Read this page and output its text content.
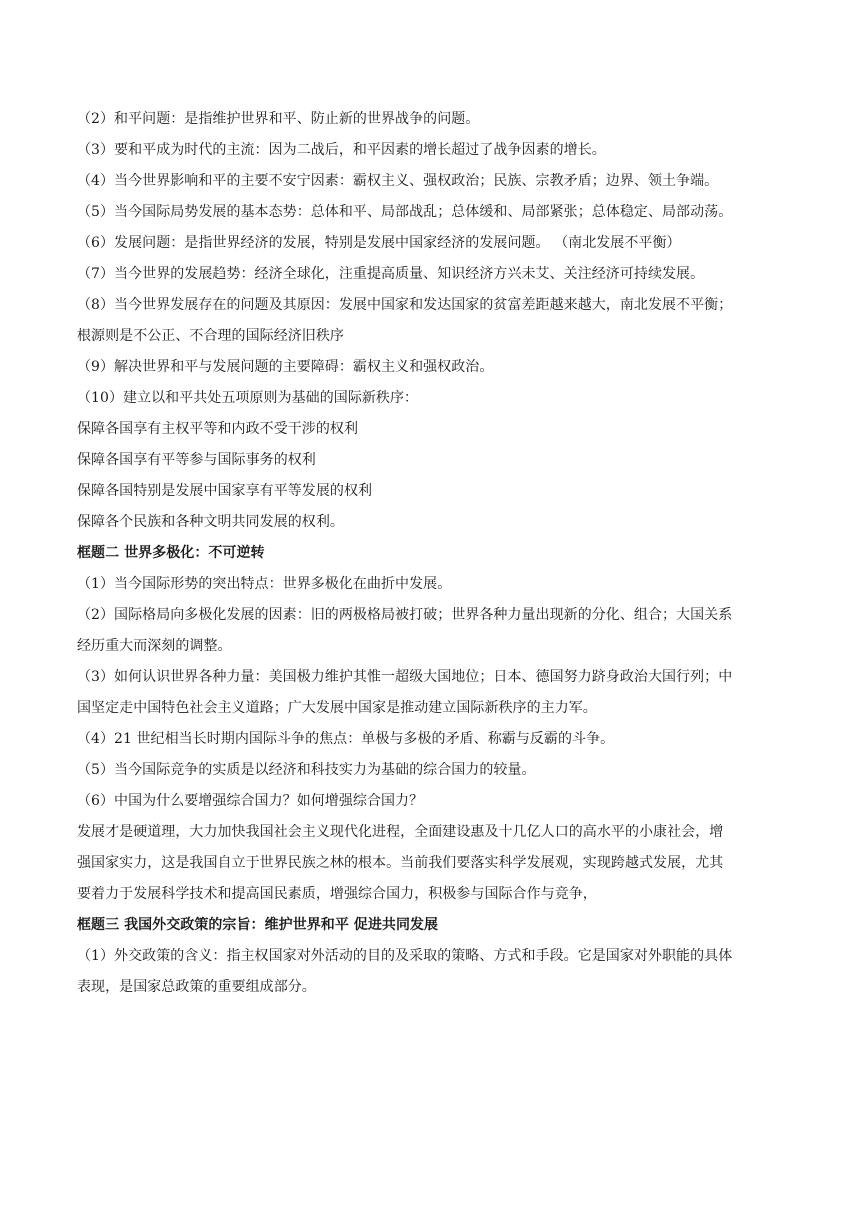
（2）和平问题：是指维护世界和平、防止新的世界战争的问题。
（3）要和平成为时代的主流：因为二战后，和平因素的增长超过了战争因素的增长。
（4）当今世界影响和平的主要不安宁因素：霸权主义、强权政治；民族、宗教矛盾；边界、领土争端。
（5）当今国际局势发展的基本态势：总体和平、局部战乱；总体缓和、局部紧张；总体稳定、局部动荡。
（6）发展问题：是指世界经济的发展，特别是发展中国家经济的发展问题。 （南北发展不平衡）
（7）当今世界的发展趋势：经济全球化，注重提高质量、知识经济方兴未艾、关注经济可持续发展。
（8）当今世界发展存在的问题及其原因：发展中国家和发达国家的贫富差距越来越大，南北发展不平衡；
根源则是不公正、不合理的国际经济旧秩序
（9）解决世界和平与发展问题的主要障碍：霸权主义和强权政治。
（10）建立以和平共处五项原则为基础的国际新秩序：
保障各国享有主权平等和内政不受干涉的权利
保障各国享有平等参与国际事务的权利
保障各国特别是发展中国家享有平等发展的权利
保障各个民族和各种文明共同发展的权利。
框题二 世界多极化：不可逆转
（1）当今国际形势的突出特点：世界多极化在曲折中发展。
（2）国际格局向多极化发展的因素：旧的两极格局被打破；世界各种力量出现新的分化、组合；大国关系
经历重大而深刻的调整。
（3）如何认识世界各种力量：美国极力维护其惟一超级大国地位；日本、德国努力跻身政治大国行列；中
国坚定走中国特色社会主义道路；广大发展中国家是推动建立国际新秩序的主力军。
（4）21 世纪相当长时期内国际斗争的焦点：单极与多极的矛盾、称霸与反霸的斗争。
（5）当今国际竞争的实质是以经济和科技实力为基础的综合国力的较量。
（6）中国为什么要增强综合国力？如何增强综合国力？
发展才是硬道理，大力加快我国社会主义现代化进程，全面建设惠及十几亿人口的高水平的小康社会，增
强国家实力，这是我国自立于世界民族之林的根本。当前我们要落实科学发展观，实现跨越式发展，尤其
要着力于发展科学技术和提高国民素质，增强综合国力，积极参与国际合作与竞争，
框题三 我国外交政策的宗旨：维护世界和平 促进共同发展
（1）外交政策的含义：指主权国家对外活动的目的及采取的策略、方式和手段。它是国家对外职能的具体
表现，是国家总政策的重要组成部分。
